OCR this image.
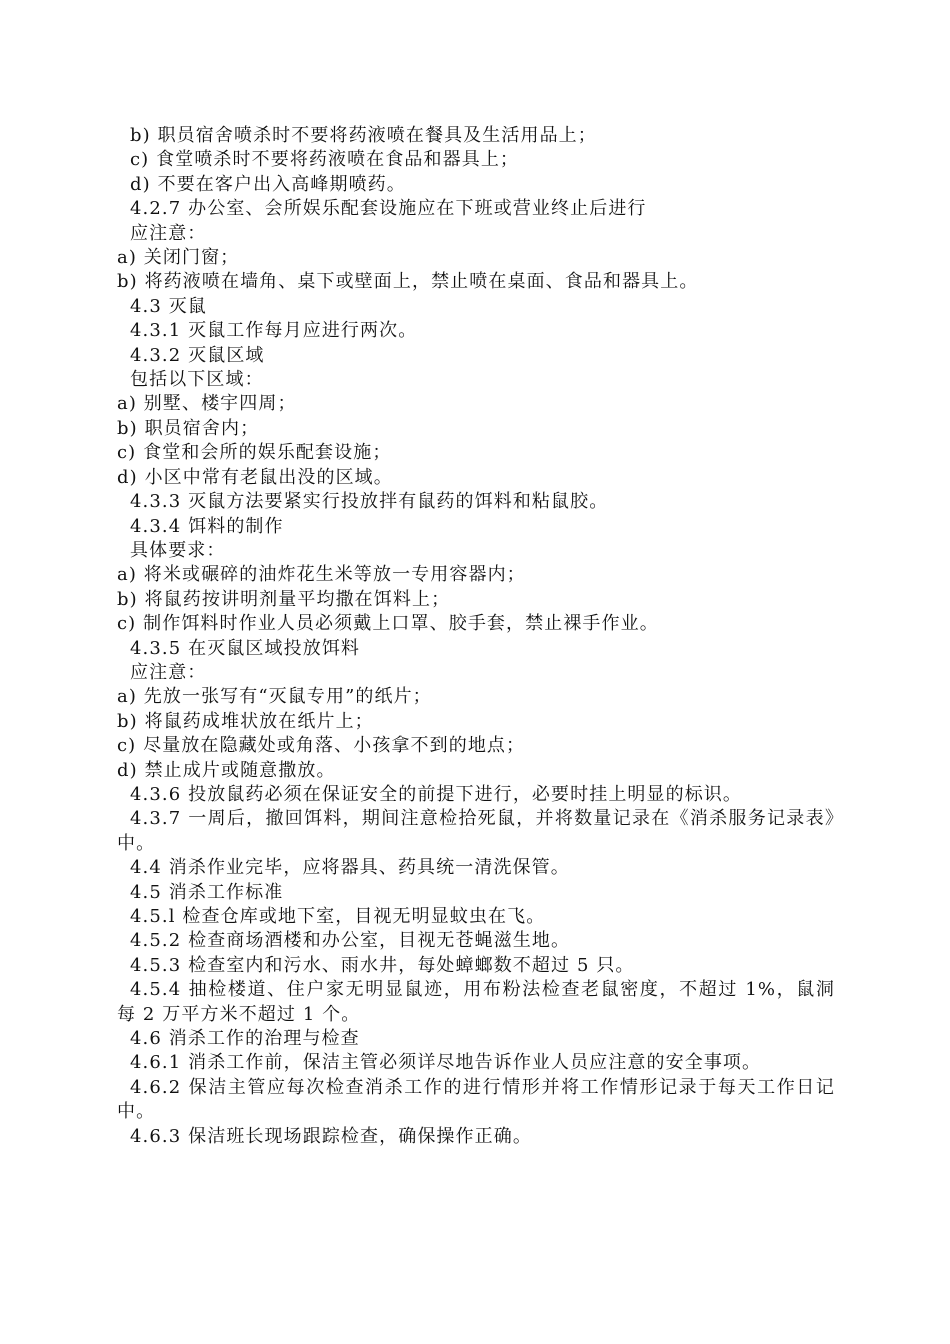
b) 职员宿舍喷杀时不要将药液喷在餐具及生活用品上；
c) 食堂喷杀时不要将药液喷在食品和器具上；
d) 不要在客户出入高峰期喷药。
4.2.7 办公室、会所娱乐配套设施应在下班或营业终止后进行
应注意：
a) 关闭门窗；
b) 将药液喷在墙角、桌下或壁面上，禁止喷在桌面、食品和器具上。
4.3 灭鼠
4.3.1 灭鼠工作每月应进行两次。
4.3.2 灭鼠区域
包括以下区域：
a) 别墅、楼宇四周；
b) 职员宿舍内；
c) 食堂和会所的娱乐配套设施；
d) 小区中常有老鼠出没的区域。
4.3.3 灭鼠方法要紧实行投放拌有鼠药的饵料和粘鼠胶。
4.3.4 饵料的制作
具体要求：
a) 将米或碾碎的油炸花生米等放一专用容器内；
b) 将鼠药按讲明剂量平均撒在饵料上；
c) 制作饵料时作业人员必须戴上口罩、胶手套，禁止裸手作业。
4.3.5 在灭鼠区域投放饵料
应注意：
a) 先放一张写有“灭鼠专用”的纸片；
b) 将鼠药成堆状放在纸片上；
c) 尽量放在隐藏处或角落、小孩拿不到的地点；
d) 禁止成片或随意撒放。
4.3.6 投放鼠药必须在保证安全的前提下进行，必要时挂上明显的标识。
4.3.7 一周后，撤回饵料，期间注意检拾死鼠，并将数量记录在《消杀服务记录表》中。
4.4 消杀作业完毕，应将器具、药具统一清洗保管。
4.5 消杀工作标准
4.5.l 检查仓库或地下室，目视无明显蚊虫在飞。
4.5.2 检查商场酒楼和办公室，目视无苍蝇滋生地。
4.5.3 检查室内和污水、雨水井，每处蟑螂数不超过 5 只。
4.5.4 抽检楼道、住户家无明显鼠迹，用布粉法检查老鼠密度，不超过 1%，鼠洞每 2 万平方米不超过 1 个。
4.6 消杀工作的治理与检查
4.6.1 消杀工作前，保洁主管必须详尽地告诉作业人员应注意的安全事项。
4.6.2 保洁主管应每次检查消杀工作的进行情形并将工作情形记录于每天工作日记中。
4.6.3 保洁班长现场跟踪检查，确保操作正确。
